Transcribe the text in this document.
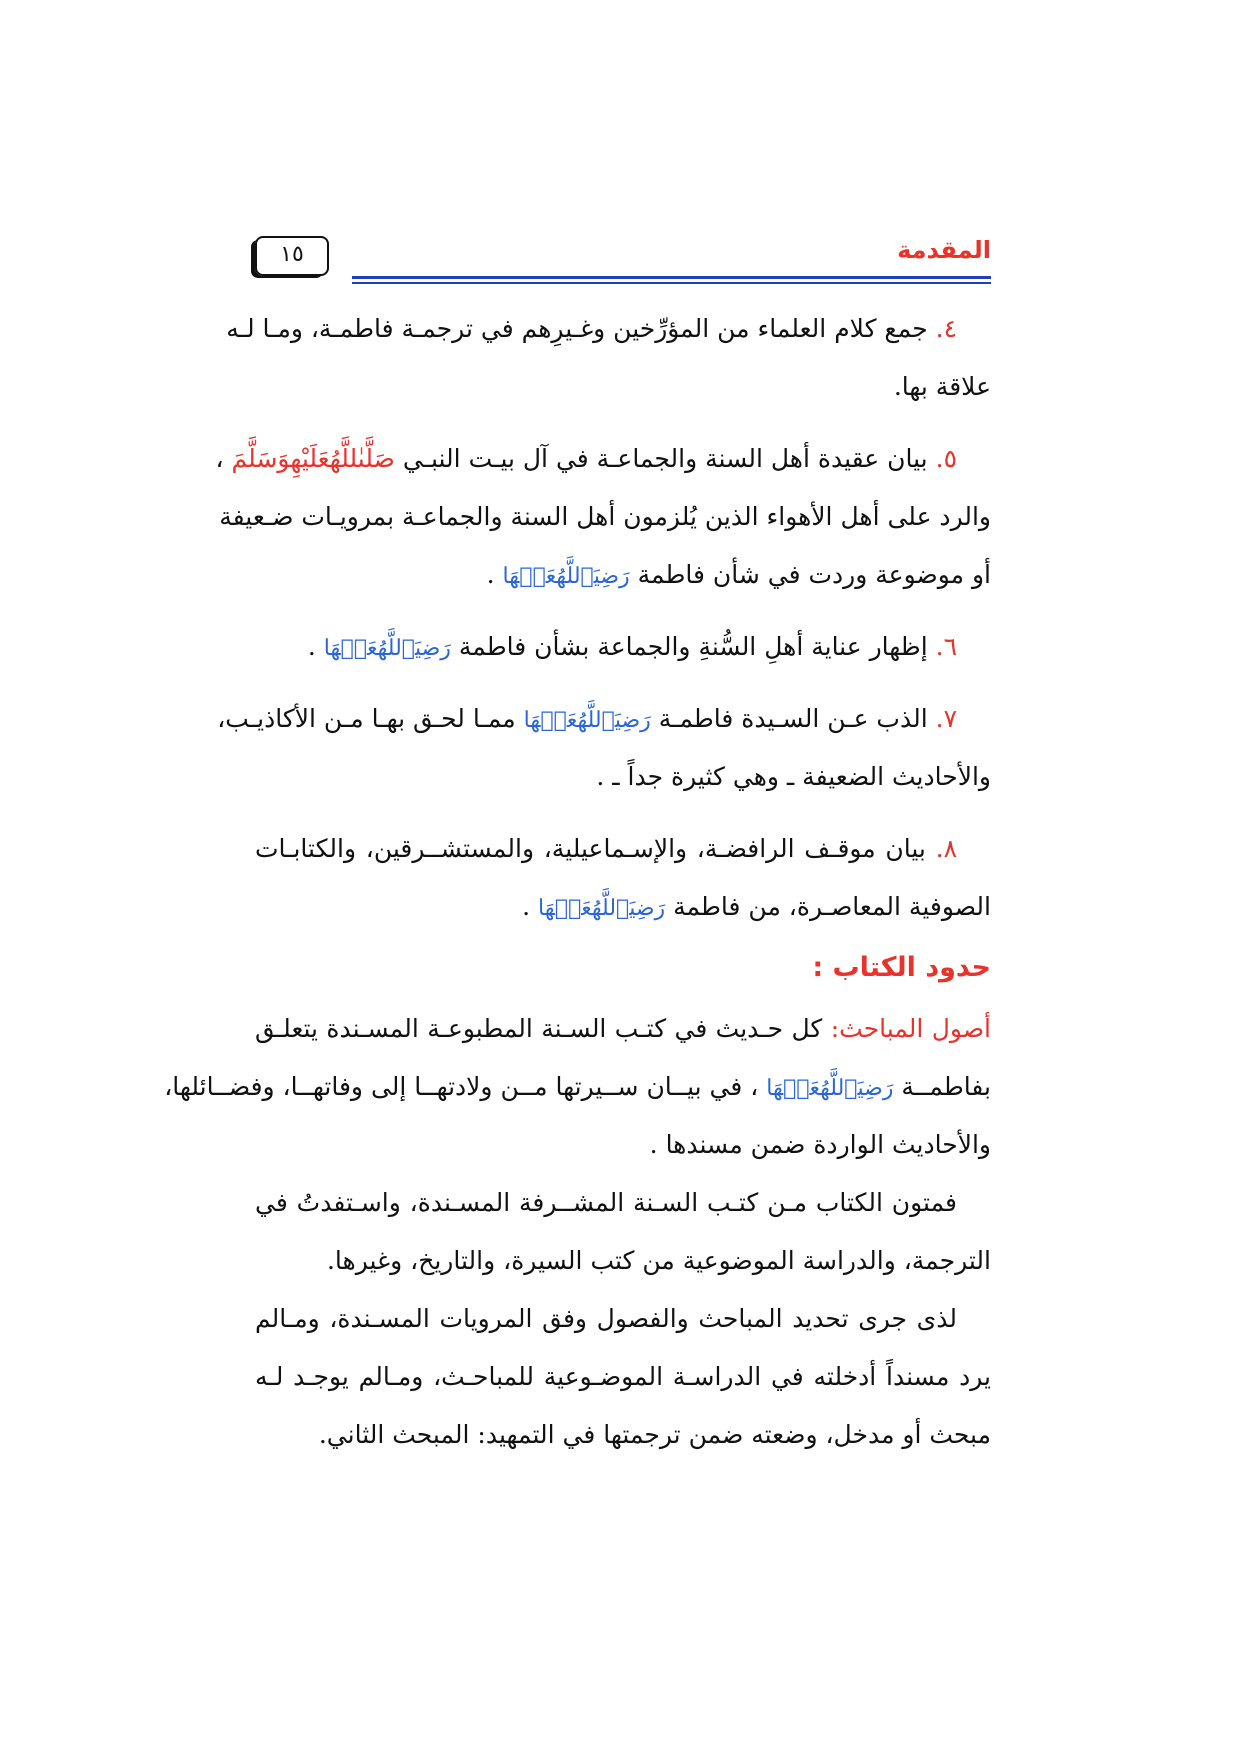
١٥	المقدمة
٤. جمع كلام العلماء من المؤرِّخين وغـيرِهم في ترجمـة فاطمـة، ومـا لـه
علاقة بها.
٥. بيان عقيدة أهل السنة والجماعـة في آل بيـت النبـي صَلَّىٰللَّهُعَلَيْهِوَسَلَّمَ ،
والرد على أهل الأهواء الذين يُلزمون أهل السنة والجماعـة بمرويـات ضـعيفة
أو موضوعة وردت في شأن فاطمة رَضِيَٱللَّهُعَنۡهَا .
٦. إظهار عناية أهلِ السُّنةِ والجماعة بشأن فاطمة رَضِيَٱللَّهُعَنۡهَا .
٧. الذب عـن السـيدة فاطمـة رَضِيَٱللَّهُعَنۡهَا ممـا لحـق بهـا مـن الأكاذيـب،
والأحاديث الضعيفة ـ وهي كثيرة جداً ـ .
٨. بيان موقـف الرافضـة، والإسـماعيلية، والمستشــرقين، والكتابـات
الصوفية المعاصـرة، من فاطمة رَضِيَٱللَّهُعَنۡهَا .
حدود الكتاب :
أصول المباحث: كل حـديث في كتـب السـنة المطبوعـة المسـندة يتعلـق
بفاطمــة رَضِيَٱللَّهُعَنۡهَا ، في بيــان ســيرتها مــن ولادتهــا إلى وفاتهــا، وفضــائلها،
والأحاديث الواردة ضمن مسندها .
فمتون الكتاب مـن كتـب السـنة المشــرفة المسـندة، واسـتفدتُ في
الترجمة، والدراسة الموضوعية من كتب السيرة، والتاريخ، وغيرها.
لذى جرى تحديد المباحث والفصول وفق المرويات المسـندة، ومـالم
يرد مسنداً أدخلته في الدراسـة الموضـوعية للمباحـث، ومـالم يوجـد لـه
مبحث أو مدخل، وضعته ضمن ترجمتها في التمهيد: المبحث الثاني.
